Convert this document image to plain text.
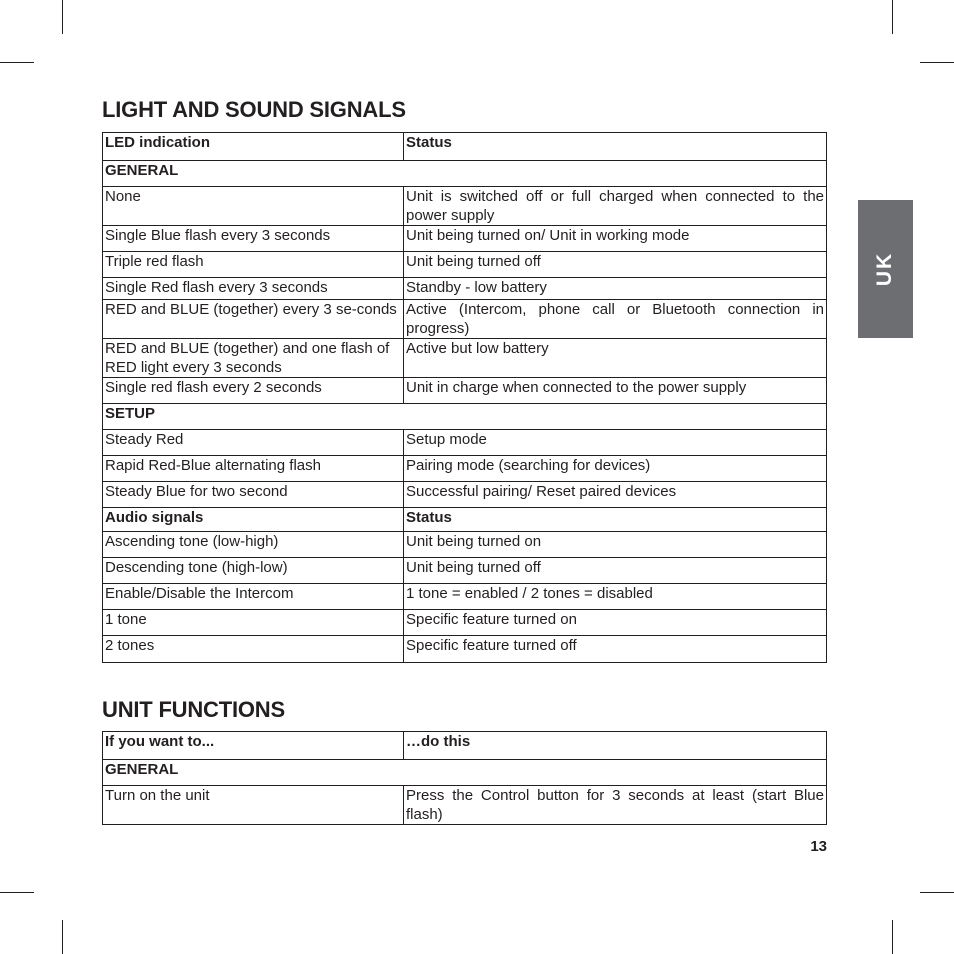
UK
LIGHT AND SOUND SIGNALS
LED indication	Status
GENERAL	
None	Unit is switched off or full charged when connected to the power supply
Single Blue flash every 3 seconds	Unit being turned on/ Unit in working mode
Triple red flash	Unit being turned off
Single Red flash every 3 seconds	Standby - low battery
RED and BLUE (together) every 3 se-conds	Active (Intercom, phone call or Bluetooth connection in progress)
RED and BLUE (together) and one flash of RED light every 3 seconds	Active but low battery
Single red flash every 2 seconds	Unit in charge when connected to the power supply
SETUP	
Steady Red	Setup mode
Rapid Red-Blue alternating flash	Pairing mode (searching for devices)
Steady Blue for two second	Successful pairing/ Reset paired devices
Audio signals	Status
Ascending tone (low-high)	Unit being turned on
Descending tone (high-low)	Unit being turned off
Enable/Disable the Intercom	1 tone = enabled / 2 tones = disabled
1 tone	Specific feature turned on
2 tones	Specific feature turned off
UNIT FUNCTIONS
If you want to...	…do this
GENERAL	
Turn on the unit	Press the Control button for 3 seconds at least (start Blue flash)
13
